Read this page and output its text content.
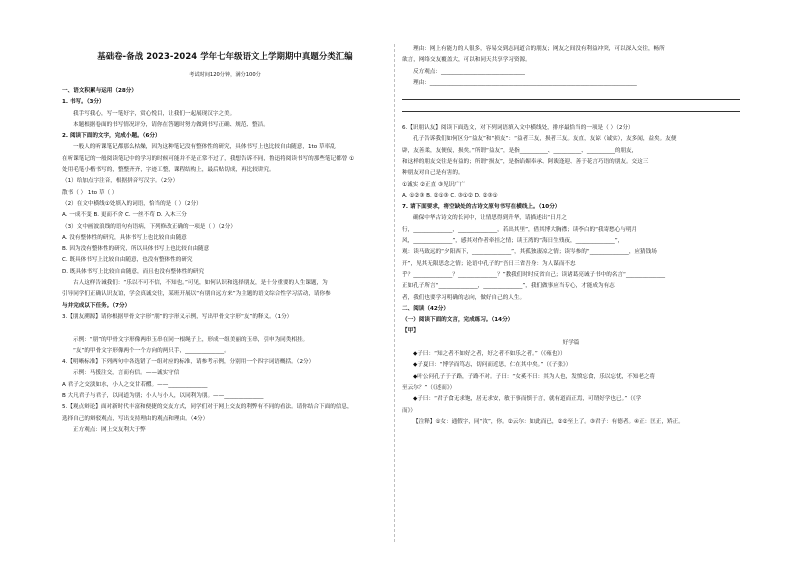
基础卷-备战 2023-2024 学年七年级语文上学期期中真题分类汇编
考试时间120分钟，满分100分
一、语文积累与运用（28分）
1. 书写。（3分）
我手写我心，写一笔好字，赏心悦目，让我们一起展现汉字之美。
本题根据卷面的书写情况评分，请你在答题时努力做到书写正确、规范、整洁。
2. 阅读下面的文字，完成小题。（6分）
一般人的听课笔记都那么枯燥，因为这种笔记没有整体性的研究，具体书写上也比较自由随意，1to 草率乱
在听课笔记的一般阅读笔记中的学习的时候可能并不是正常不过了，我想告诉不同，鲁迅将阅读书写的那些笔记都曾 ①
处用毛笔小楷书写的，整整齐齐，字迹工整，课程结构上，最后贴切成，再比较讲究。
（1）给加点字注音，根据拼音写汉字。（2分）
散书（ ） 1to 草（ ）
（2）在文中横线①处填入的词语，恰当的是（ ）（2分）
A. 一成不变 B. 更而不舍 C. 一丝不苟 D. 入木三分
（3）文中画波浪线的语句有语病，下列修改正确的一项是（ ）（2分）
A. 没有整体性的研究，具体书写上也比较自由随意
B. 因为没有整体性的研究，所以具体书写上也比较自由随意
C. 既具体书写上比较自由随意，也没有整体性的研究
D. 既具体书写上比较自由随意，而且也没有整体性的研究
古人这样告诫我们：“乐以不可不信，不知也。”可见，如何认识和选择朋友，是十分重要的人生课题，为
引导同学们正确认识友谊，学会真诚交往，某班开展以“有朋自远方来”为主题的语文综合性学习活动，请你参
与并完成以下任务。（7分）
3.【朋友溯源】请你根据甲骨文字形“朋”的字形义示例，写出甲骨文字形“友”的释义。（1分）
示例：“朋”的甲骨文字形像两串玉串在同一根绳子上，形成一组美丽的玉串，引申为同类相挂。
“友”的甲骨文字形像两个一个方向的两只手，______________。
4.【明晰标准】下列两句中各选错了一组对应的标准，请参考示例，分别用一个四字词语概括。（2分）
示例：马援注交，言而有信。——诚实守信
A 君子之交淡如水，小人之交甘若醴。——______________
B 大凡君子与君子，以同道为朋；小人与小人，以同利为朋。——______________
5.【观点辩论】面对新时代丰富和便捷的交友方式，同学们对于网上交友的利弊有不同的看法。请你结合下面的信息，
选择自己的辩驳观点，写出支持理由的观点和理由。（4分）
正方观点：网上交友利大于弊
理由：网上有能力的人很多，容易交到志同道合的朋友；网友之间没有利益冲突，可以深入交往，畅所
欲言，网络交友覆盖大，可以和同天共享学习资源。
反方观点：______________________________
理由：__________________________________________________________________________
6.【识朋认友】阅读下面选文，对下列词语填入文中横线处，排序最恰当的一项是（ ）（2分）
孔子告诉我们如何区分“益友”和“损友”：“益者三友，损者三友。友直，友谅（诚实），友多闻，益矣。友便
辟，友善柔，友便佞，损矣。”所谓“益友”，是指__________、__________、__________的朋友，
和这样的朋友交往是有益的；所谓“损友”，是指谄媚奉承、阿谀逢迎、善于花言巧语的朋友。交这三
种朋友对自己是有害的。
①诚实 ②正直 ③见识广广
A. ①②③ B. ②①③ C. ③①② D. ②③①
7. 请下面要求，将空缺处的古诗文原句书写在横线上。（10分）
确保中华古诗文的长河中，让情思得到升华，请描述出“日月之
行，______________，______________，若出其里”，借其博大胸襟；读李白的“我寄愁心与明月
风，______________”，感其对作者牵挂之情；读王湾的“海日生残夜，______________”，
观：读马致远的“夕阳西下，______________”，其孤独凄凉之情；读岑参的“______________，应猜钱场
开”，见其无限思念之情；论语中孔子的“吾日三省吾身：为人谋而不忠
乎？______________？______________？”教我们时时反省自己；读诸葛亮诫子书中的名言“______________
正如孔子所言“______________，______________”，我们做事应当专心，才能成为有志
者，我们也要学习明确的志向，做好自己的人生。
二、阅读（42分）
（一）阅读下面的文言，完成练习。（14分）
【甲】
好学篇
◆子曰：“知之者不如好之者，好之者不如乐之者。”（《雍也》）
◆子夏曰：“博学而笃志，切问而近思，仁在其中矣。”（《子张》）
◆叶公问孔子于子路，子路不对。子曰：“女奚不曰：其为人也，发愤忘食，乐以忘忧，不知老之将
至云尔？”（《述而》）
◆子曰：“君子食无求饱，居无求安，敏于事而慎于言，就有道而正焉，可谓好学也已。”（《学
而》）
【注释】①女：通假字，同“汝”，你。②云尔：如此而已，②②至上了。③君子：有德者。④正：匡正，矫正。
